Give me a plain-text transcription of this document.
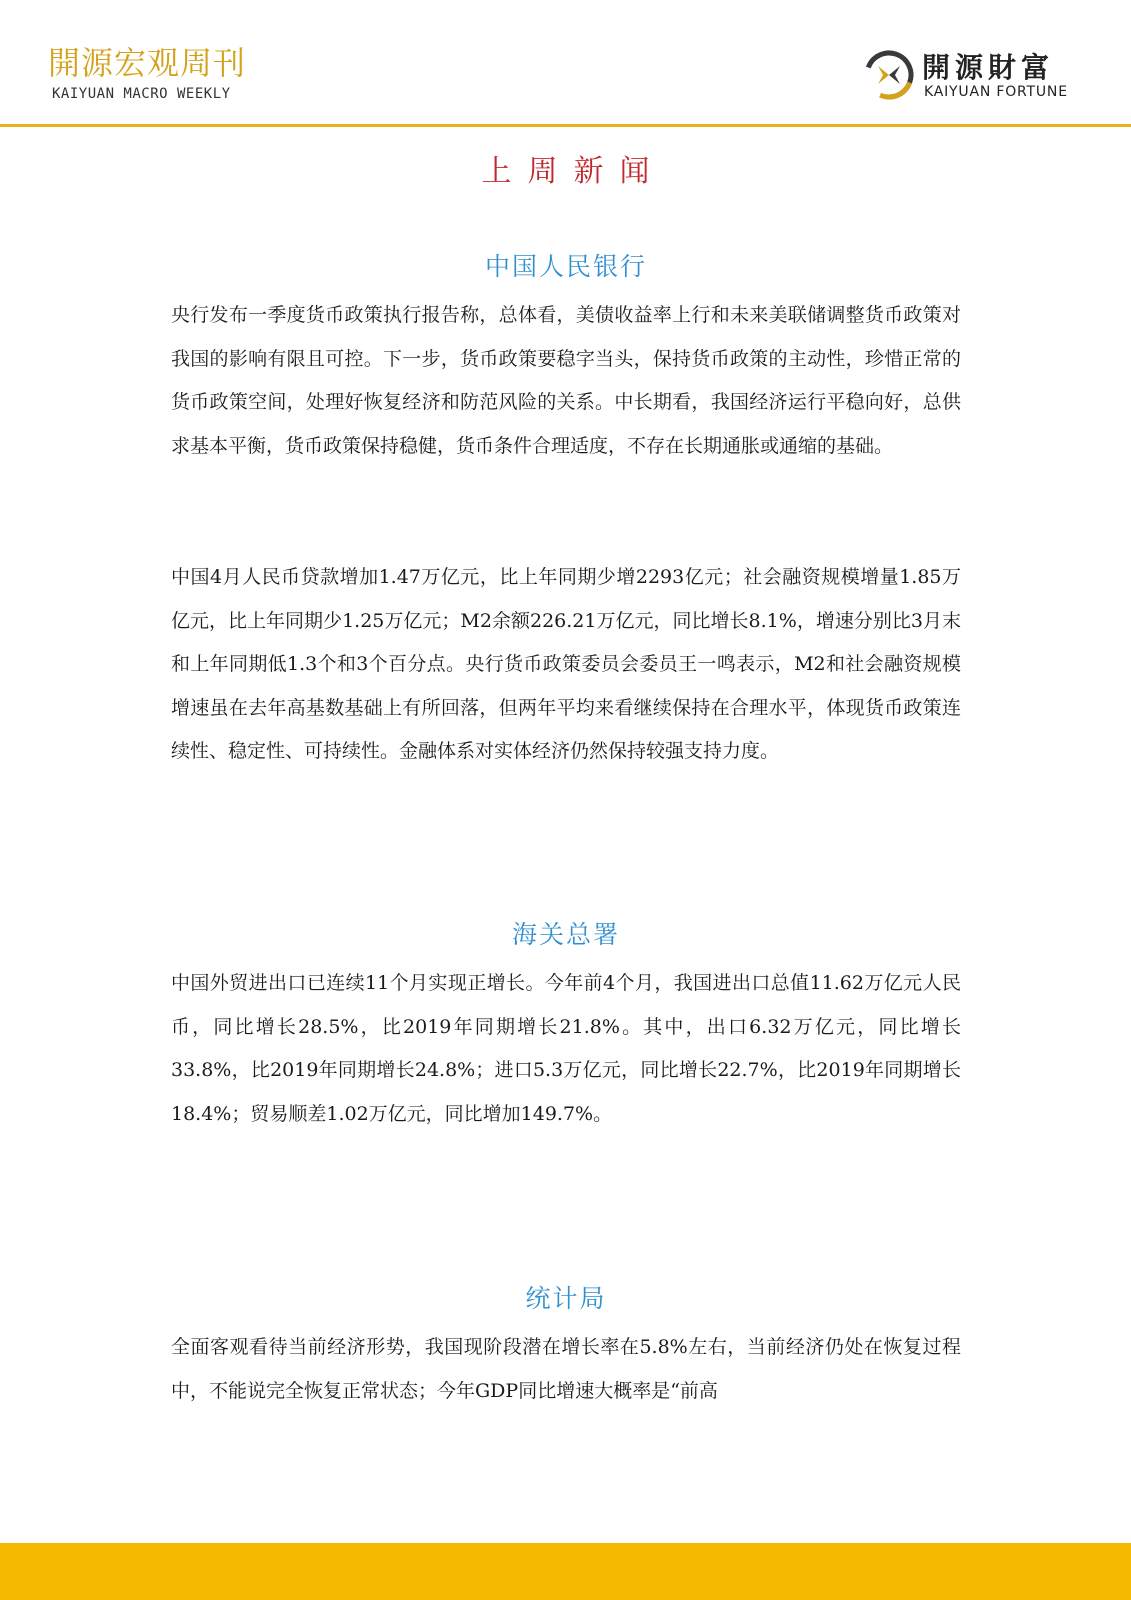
開源宏观周刊
KAIYUAN MACRO WEEKLY
開源財富
KAIYUAN FORTUNE
上周新闻
中国人民银行

央行发布一季度货币政策执行报告称，总体看，美债收益率上行和未来美联储调整货币政策对我国的影响有限且可控。下一步，货币政策要稳字当头，保持货币政策的主动性，珍惜正常的货币政策空间，处理好恢复经济和防范风险的关系。中长期看，我国经济运行平稳向好，总供求基本平衡，货币政策保持稳健，货币条件合理适度，不存在长期通胀或通缩的基础。

中国4月人民币贷款增加1.47万亿元，比上年同期少增2293亿元；社会融资规模增量1.85万亿元，比上年同期少1.25万亿元；M2余额226.21万亿元，同比增长8.1%，增速分别比3月末和上年同期低1.3个和3个百分点。央行货币政策委员会委员王一鸣表示，M2和社会融资规模增速虽在去年高基数基础上有所回落，但两年平均来看继续保持在合理水平，体现货币政策连续性、稳定性、可持续性。金融体系对实体经济仍然保持较强支持力度。

海关总署

中国外贸进出口已连续11个月实现正增长。今年前4个月，我国进出口总值11.62万亿元人民币，同比增长28.5%，比2019年同期增长21.8%。其中，出口6.32万亿元，同比增长33.8%，比2019年同期增长24.8%；进口5.3万亿元，同比增长22.7%，比2019年同期增长18.4%；贸易顺差1.02万亿元，同比增加149.7%。

统计局

全面客观看待当前经济形势，我国现阶段潜在增长率在5.8%左右，当前经济仍处在恢复过程中，不能说完全恢复正常状态；今年GDP同比增速大概率是“前高
